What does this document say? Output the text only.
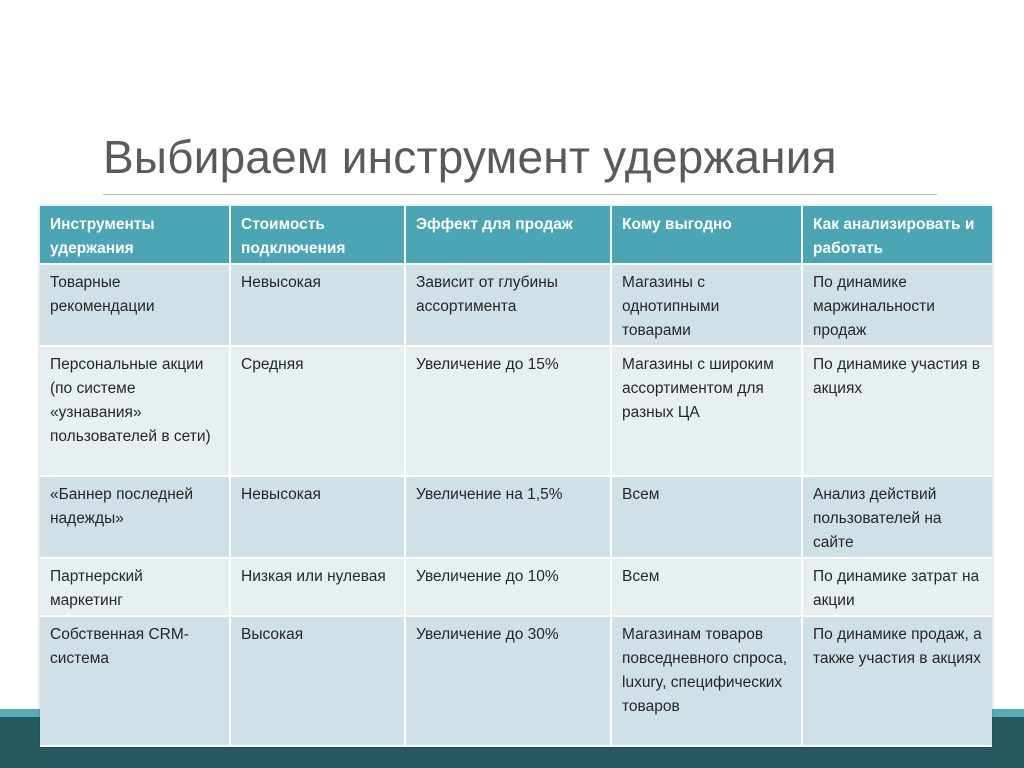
Выбираем инструмент удержания
Инструменты удержания	Стоимость подключения	Эффект для продаж	Кому выгодно	Как анализировать и работать
Товарные рекомендации	Невысокая	Зависит от глубины ассортимента	Магазины с однотипными товарами	По динамике маржинальности продаж
Персональные акции (по системе «узнавания» пользователей в сети)	Средняя	Увеличение до 15%	Магазины с широким ассортиментом для разных ЦА	По динамике участия в акциях
«Баннер последней надежды»	Невысокая	Увеличение на 1,5%	Всем	Анализ действий пользователей на сайте
Партнерский маркетинг	Низкая или нулевая	Увеличение до 10%	Всем	По динамике затрат на акции
Собственная CRM-система	Высокая	Увеличение до 30%	Магазинам товаров повседневного спроса, luxury, специфических товаров	По динамике продаж, а также участия в акциях
